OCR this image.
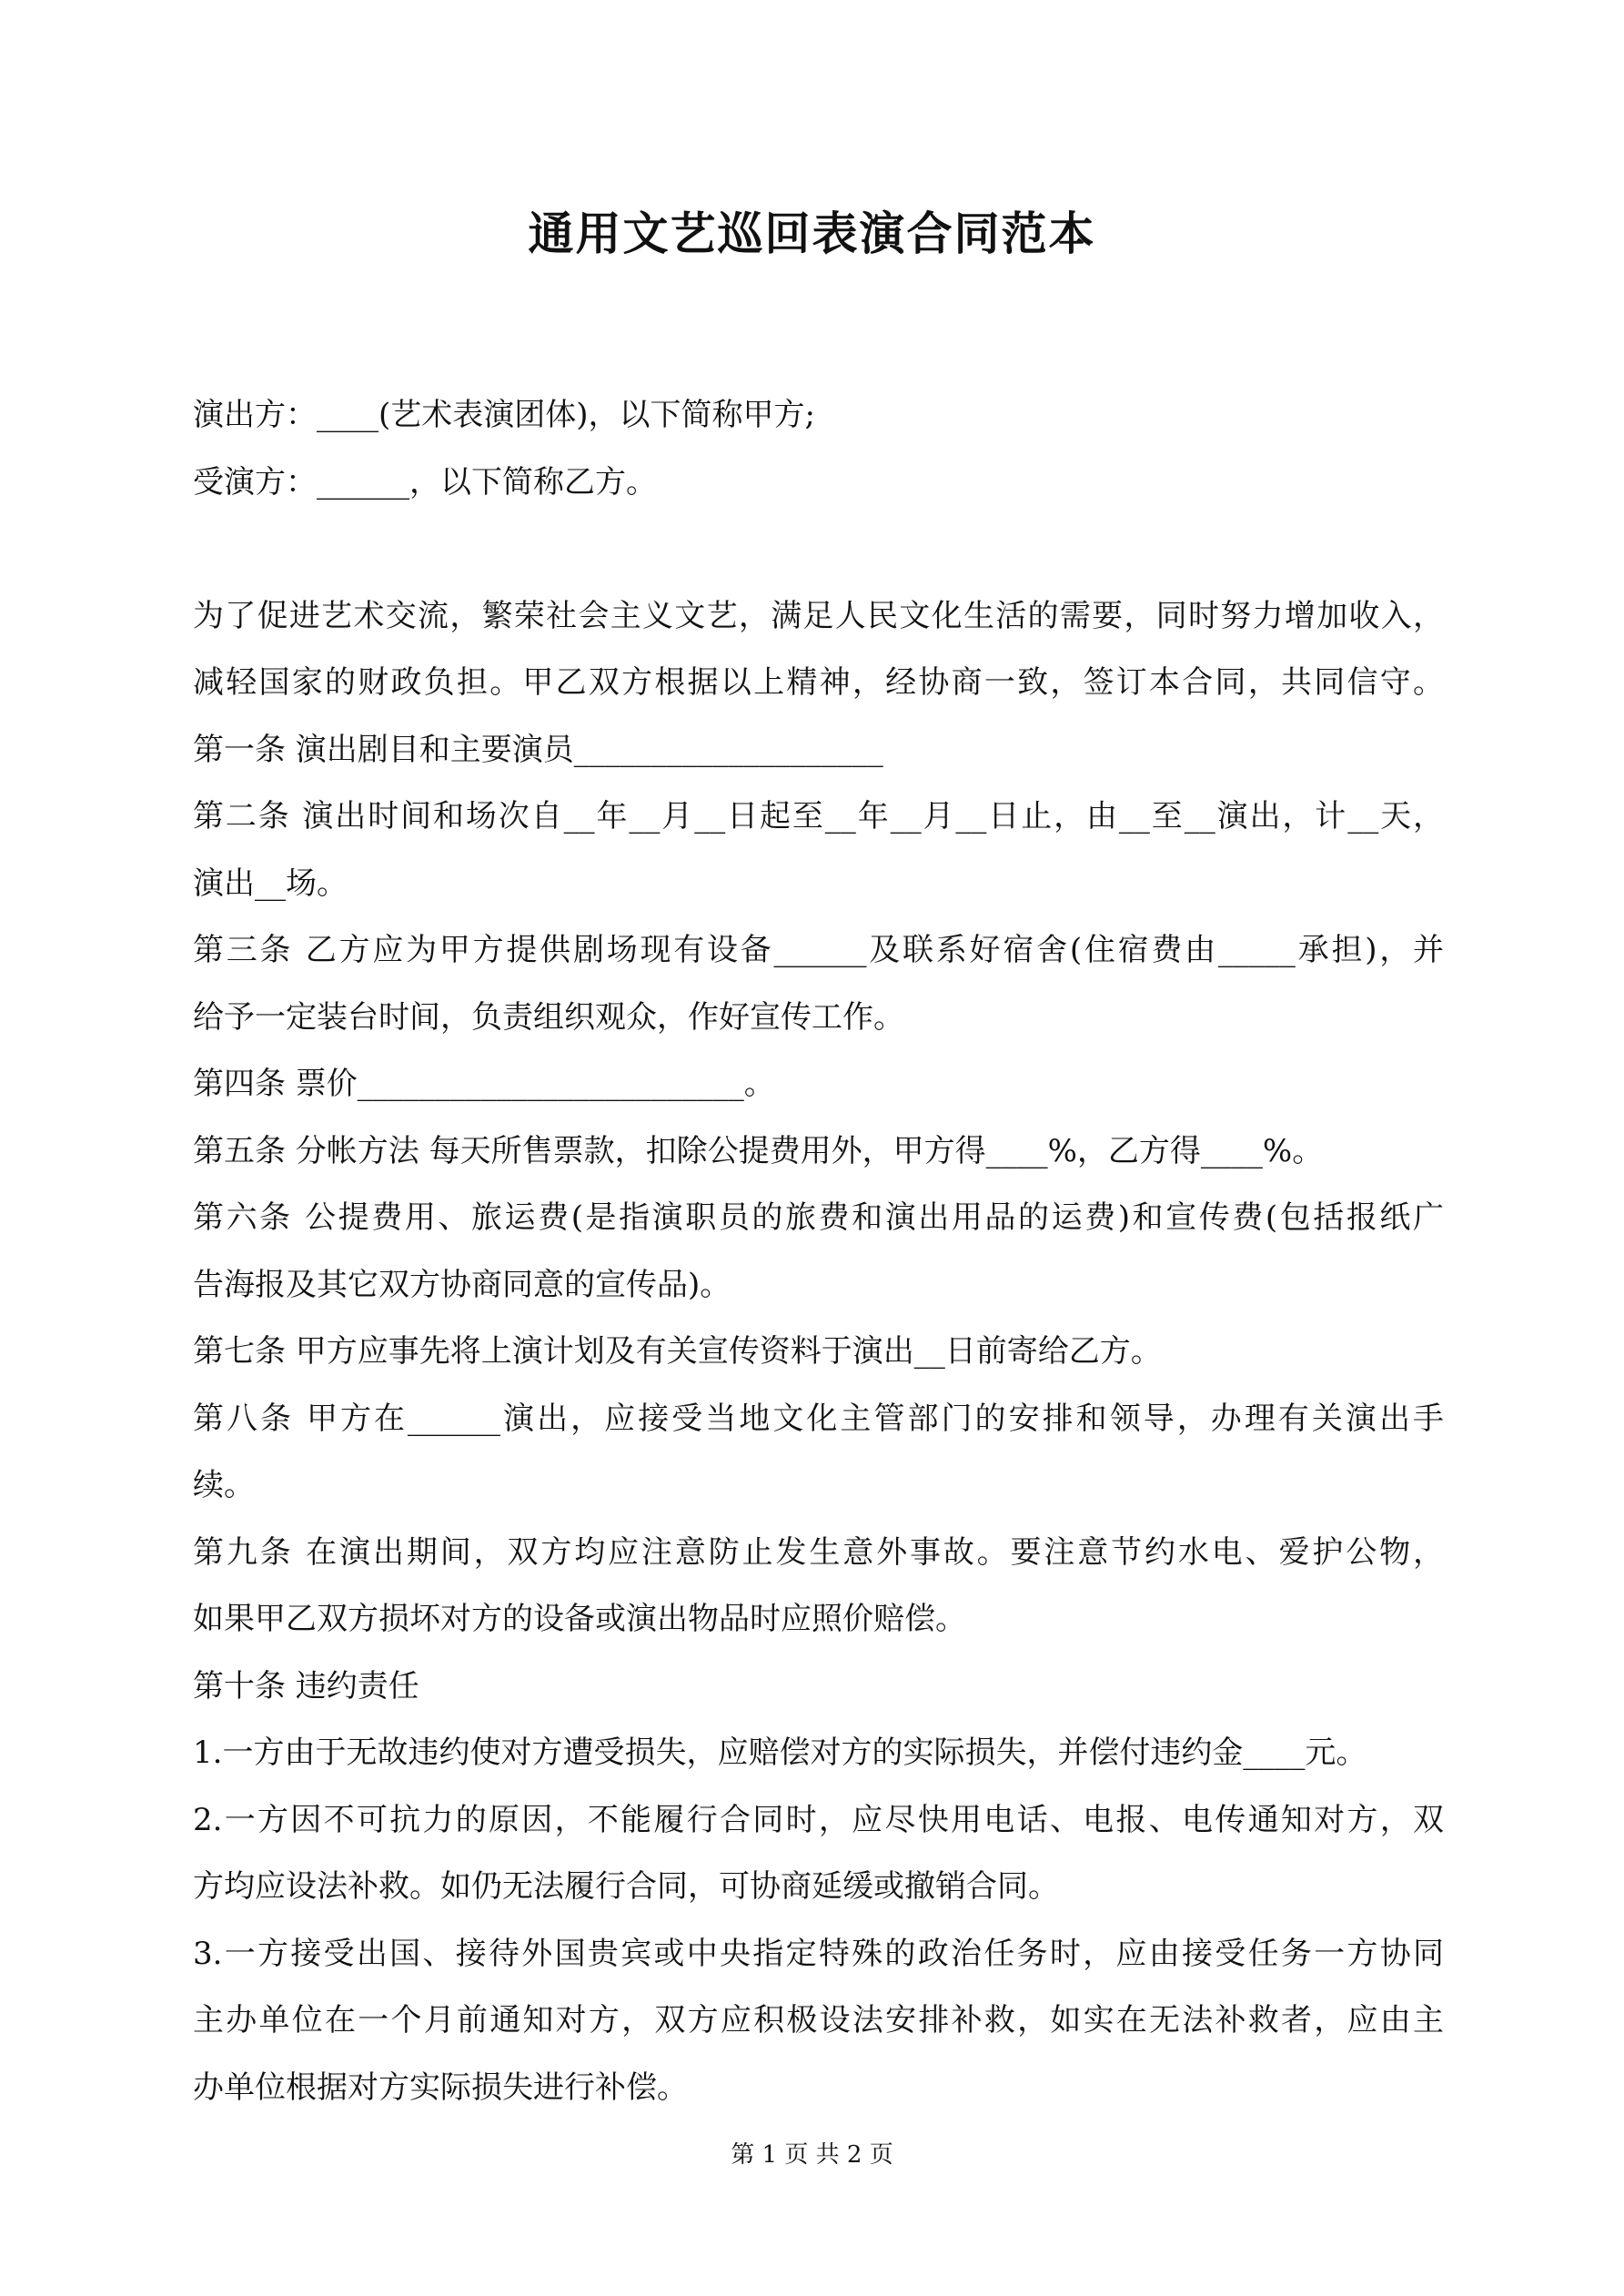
通用文艺巡回表演合同范本
演出方：____(艺术表演团体)，以下简称甲方;
受演方：______，以下简称乙方。
为了促进艺术交流，繁荣社会主义文艺，满足人民文化生活的需要，同时努力增加收入，
减轻国家的财政负担。甲乙双方根据以上精神，经协商一致，签订本合同，共同信守。
第一条 演出剧目和主要演员____________________
第二条 演出时间和场次自__年__月__日起至__年__月__日止，由__至__演出，计__天，
演出__场。
第三条 乙方应为甲方提供剧场现有设备______及联系好宿舍(住宿费由_____承担)，并
给予一定装台时间，负责组织观众，作好宣传工作。
第四条 票价_________________________。
第五条 分帐方法 每天所售票款，扣除公提费用外，甲方得____%，乙方得____%。
第六条 公提费用、旅运费(是指演职员的旅费和演出用品的运费)和宣传费(包括报纸广
告海报及其它双方协商同意的宣传品)。
第七条 甲方应事先将上演计划及有关宣传资料于演出__日前寄给乙方。
第八条 甲方在______演出，应接受当地文化主管部门的安排和领导，办理有关演出手
续。
第九条 在演出期间，双方均应注意防止发生意外事故。要注意节约水电、爱护公物，
如果甲乙双方损坏对方的设备或演出物品时应照价赔偿。
第十条 违约责任
1.一方由于无故违约使对方遭受损失，应赔偿对方的实际损失，并偿付违约金____元。
2.一方因不可抗力的原因，不能履行合同时，应尽快用电话、电报、电传通知对方，双
方均应设法补救。如仍无法履行合同，可协商延缓或撤销合同。
3.一方接受出国、接待外国贵宾或中央指定特殊的政治任务时，应由接受任务一方协同
主办单位在一个月前通知对方，双方应积极设法安排补救，如实在无法补救者，应由主
办单位根据对方实际损失进行补偿。
第 1 页 共 2 页
